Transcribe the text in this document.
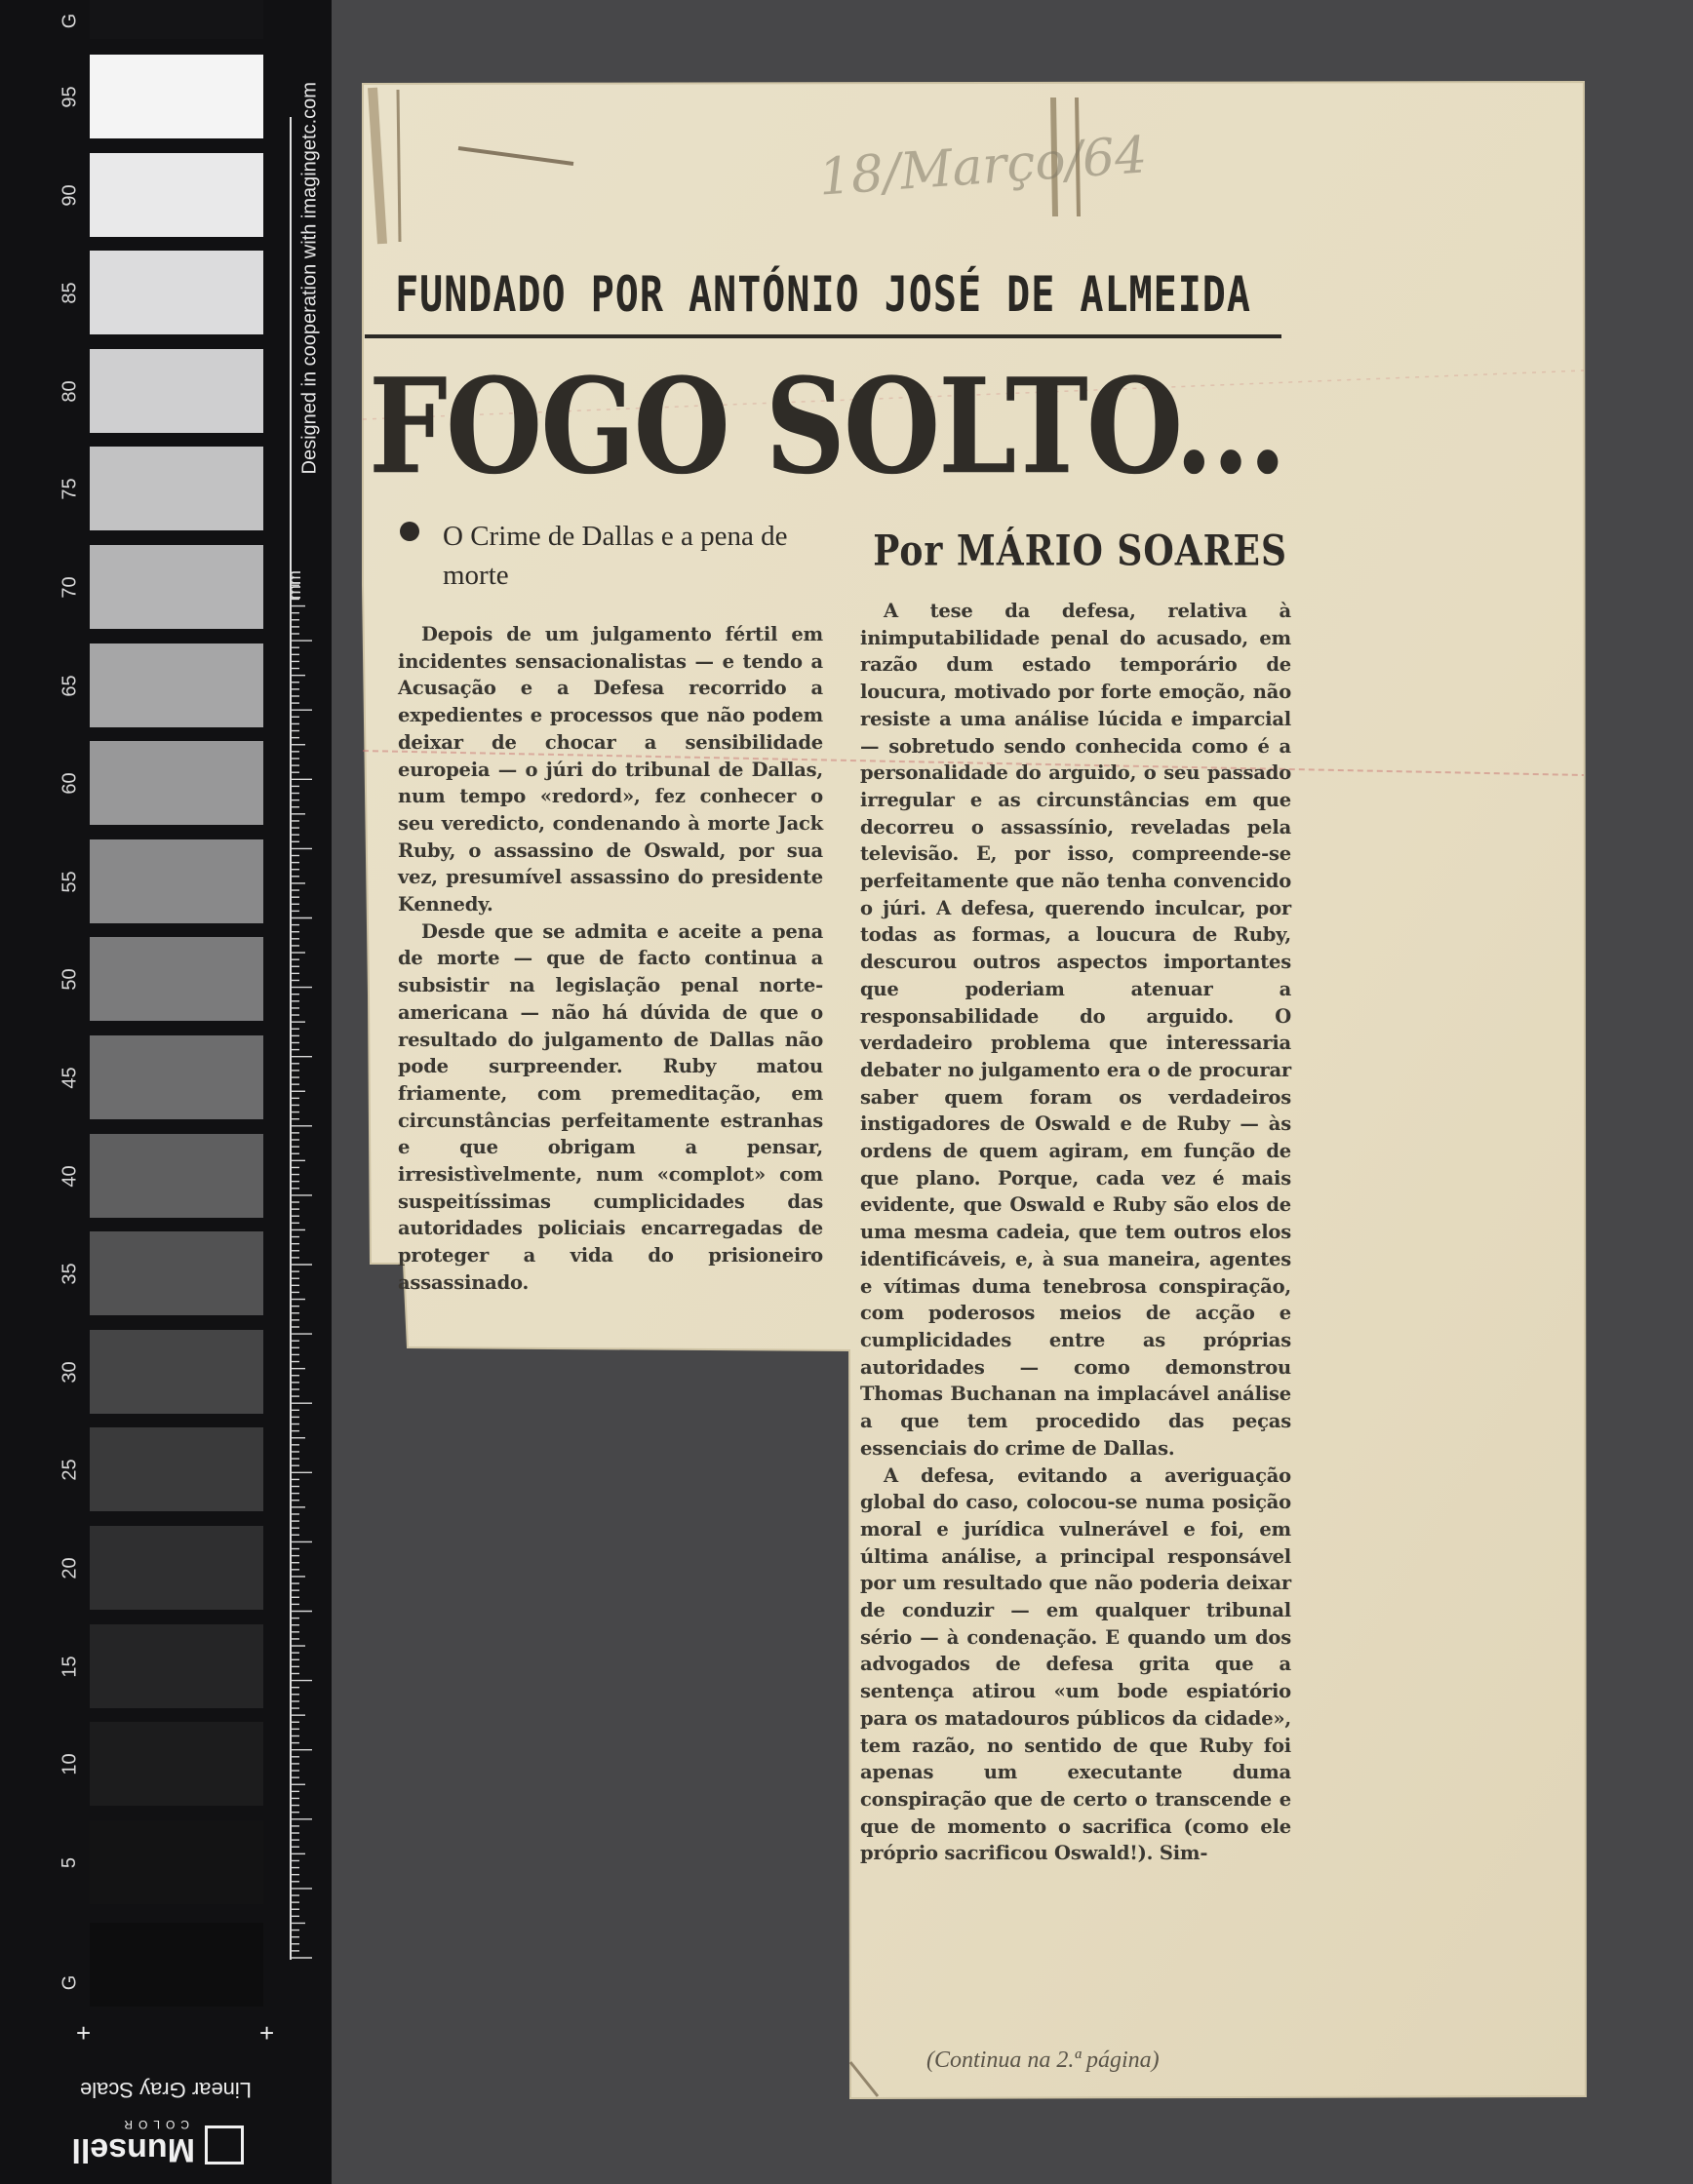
G
95
90
85
80
75
70
65
60
55
50
45
40
35
30
25
20
15
10
5
G
Designed in cooperation with imagingetc.com
mm
+	+
Linear Gray Scale
Munsell
COLOR
18/Março/64
FUNDADO POR ANTÓNIO JOSÉ DE ALMEIDA
FOGO SOLTO...
O Crime de Dallas e a pena de morte	Por MÁRIO SOARES

Depois de um julgamento fértil em incidentes sensacionalistas — e tendo a Acusação e a Defesa recorrido a expedientes e processos que não podem deixar de chocar a sensibilidade europeia — o júri do tribunal de Dallas, num tempo «redord», fez conhecer o seu veredicto, condenando à morte Jack Ruby, o assassino de Oswald, por sua vez, presumível assassino do presidente Kennedy.

Desde que se admita e aceite a pena de morte — que de facto continua a subsistir na legislação penal norte-americana — não há dúvida de que o resultado do julgamento de Dallas não pode surpreender. Ruby matou friamente, com premeditação, em circunstâncias perfeitamente estranhas e que obrigam a pensar, irresistìvelmente, num «complot» com suspeitíssimas cumplicidades das autoridades policiais encarregadas de proteger a vida do prisioneiro assassinado.

A tese da defesa, relativa à inimputabilidade penal do acusado, em razão dum estado temporário de loucura, motivado por forte emoção, não resiste a uma análise lúcida e imparcial — sobretudo sendo conhecida como é a personalidade do arguido, o seu passado irregular e as circunstâncias em que decorreu o assassínio, reveladas pela televisão. E, por isso, compreende-se perfeitamente que não tenha convencido o júri. A defesa, querendo inculcar, por todas as formas, a loucura de Ruby, descurou outros aspectos importantes que poderiam atenuar a responsabilidade do arguido. O verdadeiro problema que interessaria debater no julgamento era o de procurar saber quem foram os verdadeiros instigadores de Oswald e de Ruby — às ordens de quem agiram, em função de que plano. Porque, cada vez é mais evidente, que Oswald e Ruby são elos de uma mesma cadeia, que tem outros elos identificáveis, e, à sua maneira, agentes e vítimas duma tenebrosa conspiração, com poderosos meios de acção e cumplicidades entre as próprias autoridades — como demonstrou Thomas Buchanan na implacável análise a que tem procedido das peças essenciais do crime de Dallas.

A defesa, evitando a averiguação global do caso, colocou-se numa posição moral e jurídica vulnerável e foi, em última análise, a principal responsável por um resultado que não poderia deixar de conduzir — em qualquer tribunal sério — à condenação. E quando um dos advogados de defesa grita que a sentença atirou «um bode espiatório para os matadouros públicos da cidade», tem razão, no sentido de que Ruby foi apenas um executante duma conspiração que de certo o transcende e que de momento o sacrifica (como ele próprio sacrificou Oswald!). Sim-

(Continua na 2.ª página)
